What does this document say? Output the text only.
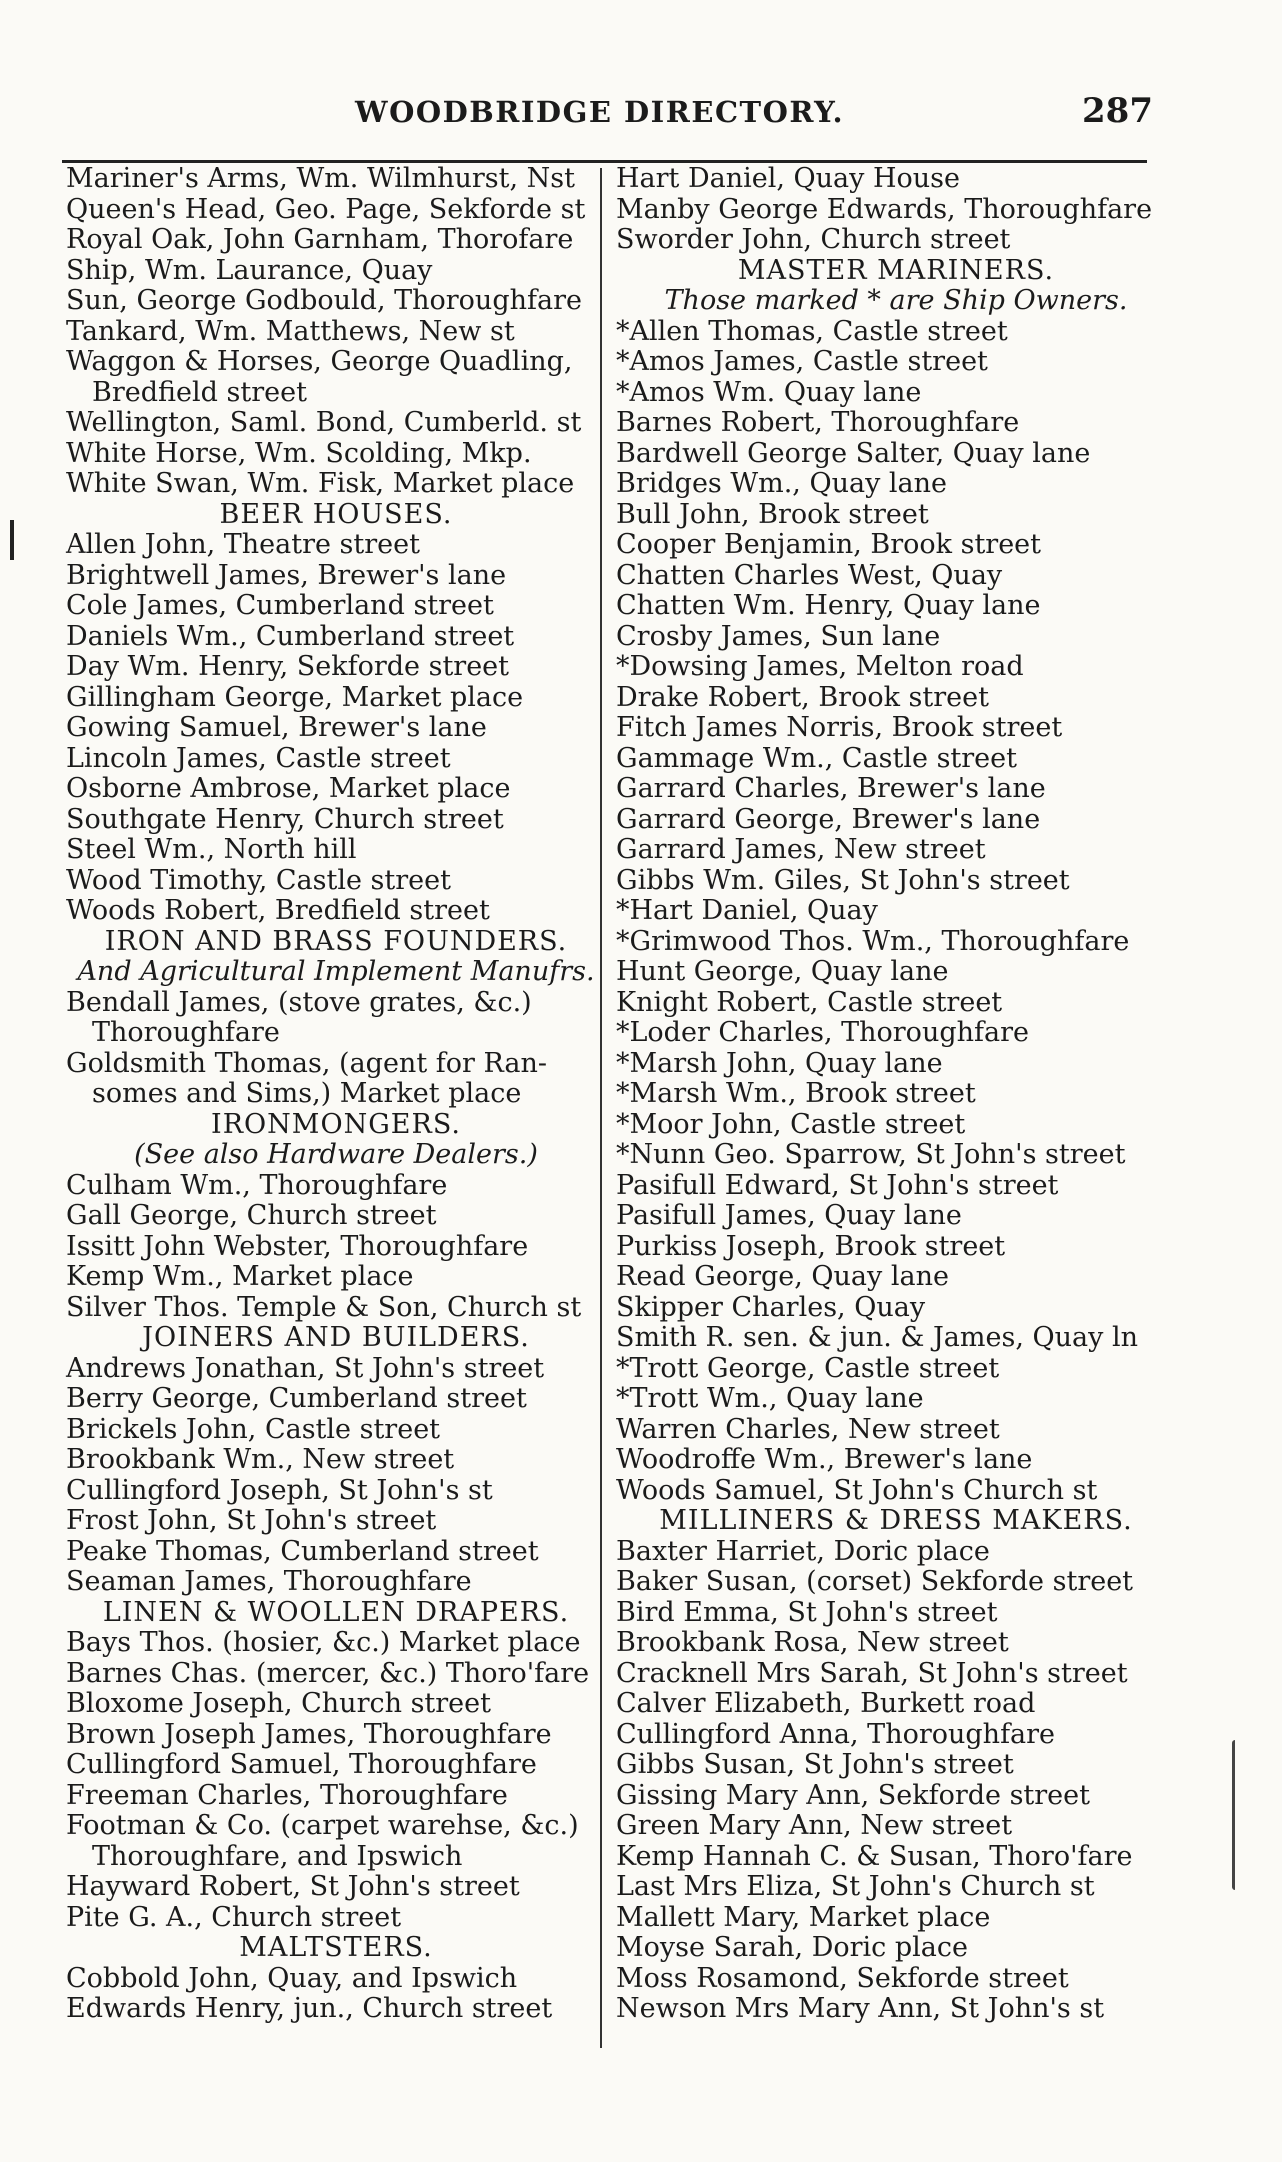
WOODBRIDGE DIRECTORY.	287
Mariner's Arms, Wm. Wilmhurst, Nst
Queen's Head, Geo. Page, Sekforde st
Royal Oak, John Garnham, Thorofare
Ship, Wm. Laurance, Quay
Sun, George Godbould, Thoroughfare
Tankard, Wm. Matthews, New st
Waggon & Horses, George Quadling,
Bredfield street
Wellington, Saml. Bond, Cumberld. st
White Horse, Wm. Scolding, Mkp.
White Swan, Wm. Fisk, Market place
BEER HOUSES.
Allen John, Theatre street
Brightwell James, Brewer's lane
Cole James, Cumberland street
Daniels Wm., Cumberland street
Day Wm. Henry, Sekforde street
Gillingham George, Market place
Gowing Samuel, Brewer's lane
Lincoln James, Castle street
Osborne Ambrose, Market place
Southgate Henry, Church street
Steel Wm., North hill
Wood Timothy, Castle street
Woods Robert, Bredfield street
IRON AND BRASS FOUNDERS.
And Agricultural Implement Manufrs.
Bendall James, (stove grates, &c.)
Thoroughfare
Goldsmith Thomas, (agent for Ran-
somes and Sims,) Market place
IRONMONGERS.
(See also Hardware Dealers.)
Culham Wm., Thoroughfare
Gall George, Church street
Issitt John Webster, Thoroughfare
Kemp Wm., Market place
Silver Thos. Temple & Son, Church st
JOINERS AND BUILDERS.
Andrews Jonathan, St John's street
Berry George, Cumberland street
Brickels John, Castle street
Brookbank Wm., New street
Cullingford Joseph, St John's st
Frost John, St John's street
Peake Thomas, Cumberland street
Seaman James, Thoroughfare
LINEN & WOOLLEN DRAPERS.
Bays Thos. (hosier, &c.) Market place
Barnes Chas. (mercer, &c.) Thoro'fare
Bloxome Joseph, Church street
Brown Joseph James, Thoroughfare
Cullingford Samuel, Thoroughfare
Freeman Charles, Thoroughfare
Footman & Co. (carpet warehse, &c.)
Thoroughfare, and Ipswich
Hayward Robert, St John's street
Pite G. A., Church street
MALTSTERS.
Cobbold John, Quay, and Ipswich
Edwards Henry, jun., Church street
Hart Daniel, Quay House
Manby George Edwards, Thoroughfare
Sworder John, Church street
MASTER MARINERS.
Those marked * are Ship Owners.
*Allen Thomas, Castle street
*Amos James, Castle street
*Amos Wm. Quay lane
Barnes Robert, Thoroughfare
Bardwell George Salter, Quay lane
Bridges Wm., Quay lane
Bull John, Brook street
Cooper Benjamin, Brook street
Chatten Charles West, Quay
Chatten Wm. Henry, Quay lane
Crosby James, Sun lane
*Dowsing James, Melton road
Drake Robert, Brook street
Fitch James Norris, Brook street
Gammage Wm., Castle street
Garrard Charles, Brewer's lane
Garrard George, Brewer's lane
Garrard James, New street
Gibbs Wm. Giles, St John's street
*Hart Daniel, Quay
*Grimwood Thos. Wm., Thoroughfare
Hunt George, Quay lane
Knight Robert, Castle street
*Loder Charles, Thoroughfare
*Marsh John, Quay lane
*Marsh Wm., Brook street
*Moor John, Castle street
*Nunn Geo. Sparrow, St John's street
Pasifull Edward, St John's street
Pasifull James, Quay lane
Purkiss Joseph, Brook street
Read George, Quay lane
Skipper Charles, Quay
Smith R. sen. & jun. & James, Quay ln
*Trott George, Castle street
*Trott Wm., Quay lane
Warren Charles, New street
Woodroffe Wm., Brewer's lane
Woods Samuel, St John's Church st
MILLINERS & DRESS MAKERS.
Baxter Harriet, Doric place
Baker Susan, (corset) Sekforde street
Bird Emma, St John's street
Brookbank Rosa, New street
Cracknell Mrs Sarah, St John's street
Calver Elizabeth, Burkett road
Cullingford Anna, Thoroughfare
Gibbs Susan, St John's street
Gissing Mary Ann, Sekforde street
Green Mary Ann, New street
Kemp Hannah C. & Susan, Thoro'fare
Last Mrs Eliza, St John's Church st
Mallett Mary, Market place
Moyse Sarah, Doric place
Moss Rosamond, Sekforde street
Newson Mrs Mary Ann, St John's st
